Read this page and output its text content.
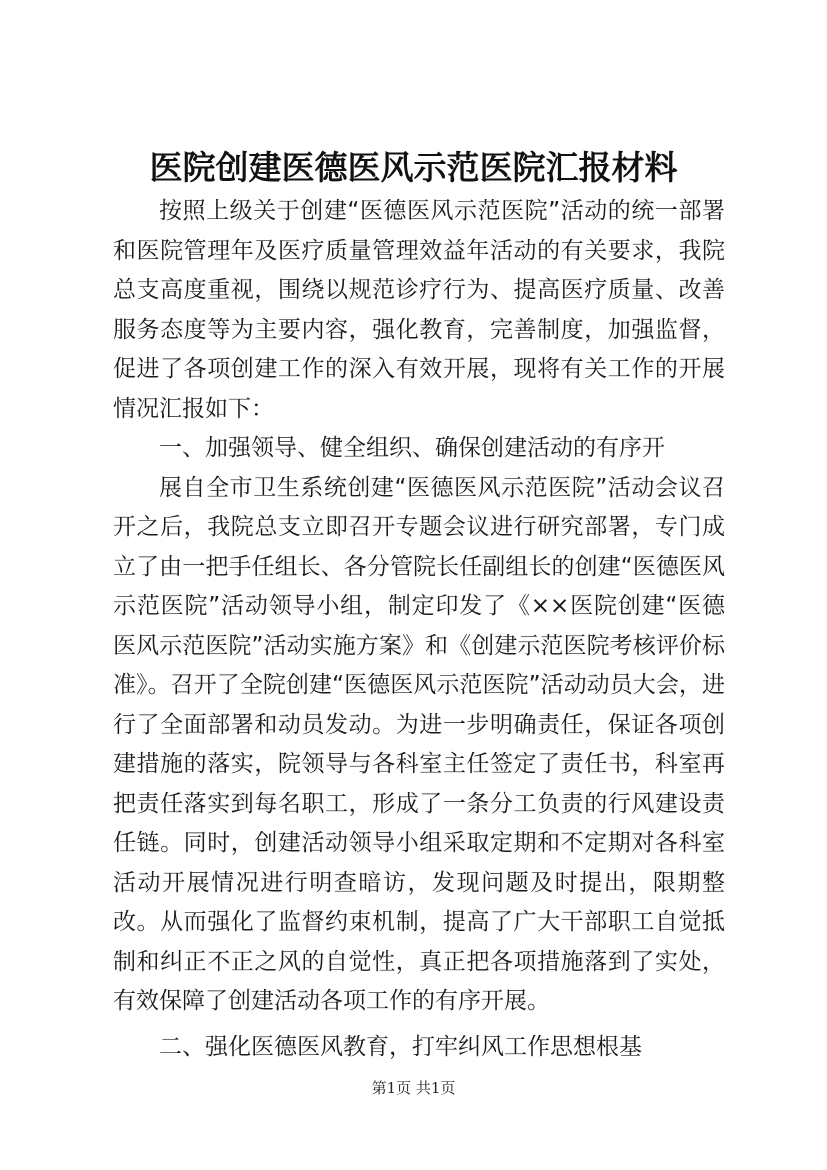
医院创建医德医风示范医院汇报材料

按照上级关于创建“医德医风示范医院”活动的统一部署和医院管理年及医疗质量管理效益年活动的有关要求，我院总支高度重视，围绕以规范诊疗行为、提高医疗质量、改善服务态度等为主要内容，强化教育，完善制度，加强监督，促进了各项创建工作的深入有效开展，现将有关工作的开展情况汇报如下：

一、加强领导、健全组织、确保创建活动的有序开

展自全市卫生系统创建“医德医风示范医院”活动会议召开之后，我院总支立即召开专题会议进行研究部署，专门成立了由一把手任组长、各分管院长任副组长的创建“医德医风示范医院”活动领导小组，制定印发了《××医院创建“医德医风示范医院”活动实施方案》和《创建示范医院考核评价标准》。召开了全院创建“医德医风示范医院”活动动员大会，进行了全面部署和动员发动。为进一步明确责任，保证各项创建措施的落实，院领导与各科室主任签定了责任书，科室再把责任落实到每名职工，形成了一条分工负责的行风建设责任链。同时，创建活动领导小组采取定期和不定期对各科室活动开展情况进行明查暗访，发现问题及时提出，限期整改。从而强化了监督约束机制，提高了广大干部职工自觉抵制和纠正不正之风的自觉性，真正把各项措施落到了实处，有效保障了创建活动各项工作的有序开展。

二、强化医德医风教育，打牢纠风工作思想根基

第1页 共1页
